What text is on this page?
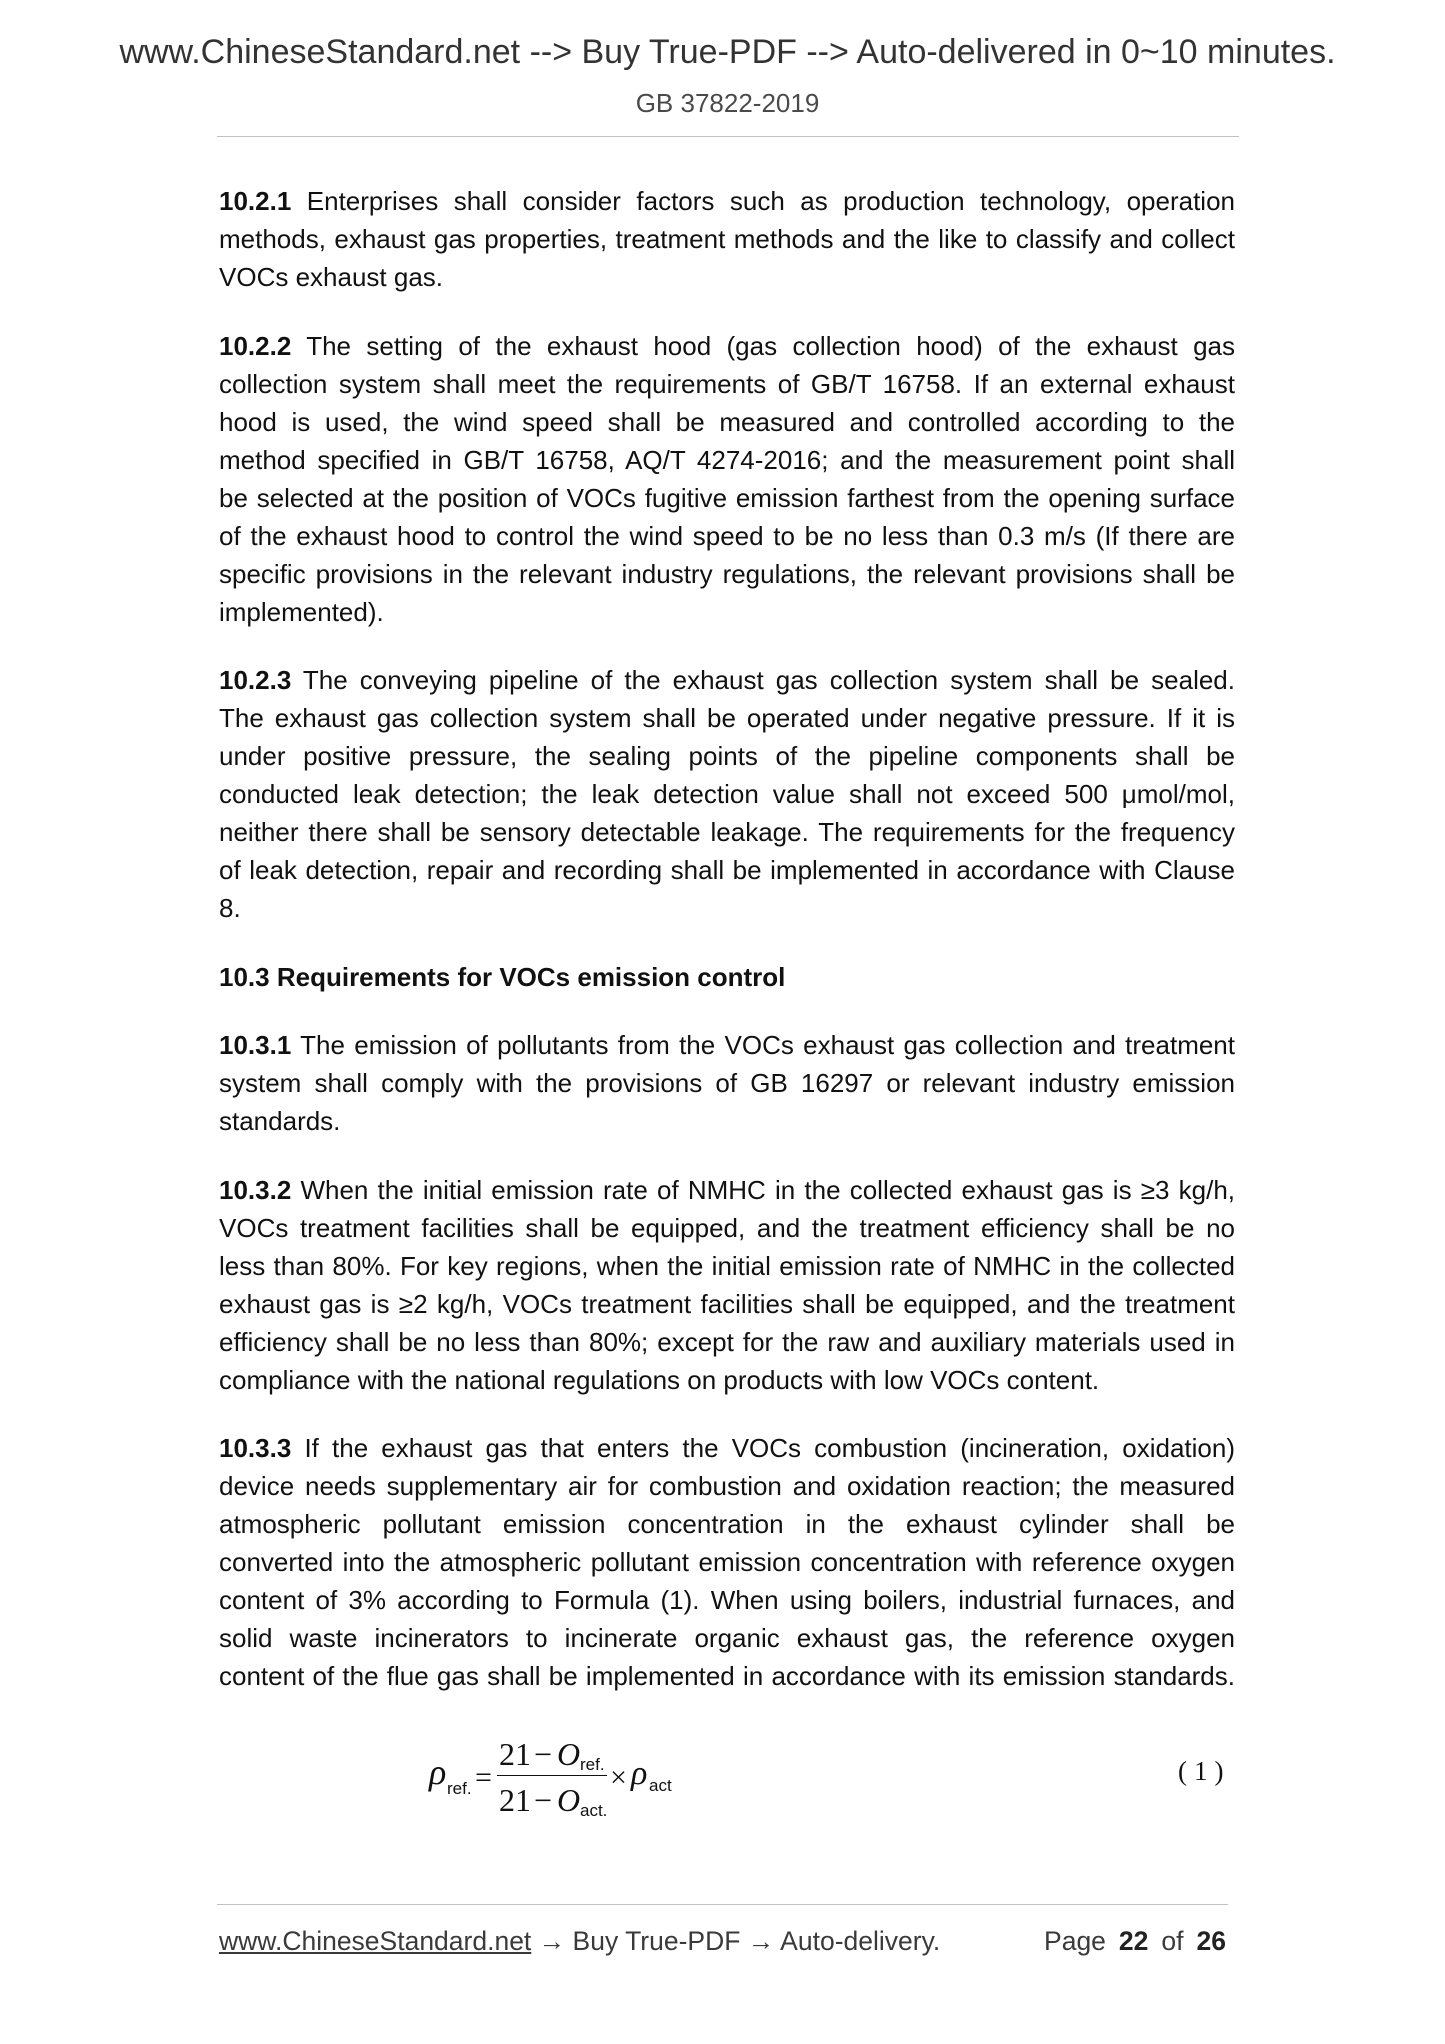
www.ChineseStandard.net --> Buy True-PDF --> Auto-delivered in 0~10 minutes.
GB 37822-2019
10.2.1 Enterprises shall consider factors such as production technology, operation
methods, exhaust gas properties, treatment methods and the like to classify and collect
VOCs exhaust gas.
10.2.2 The setting of the exhaust hood (gas collection hood) of the exhaust gas
collection system shall meet the requirements of GB/T 16758. If an external exhaust
hood is used, the wind speed shall be measured and controlled according to the
method specified in GB/T 16758, AQ/T 4274-2016; and the measurement point shall
be selected at the position of VOCs fugitive emission farthest from the opening surface
of the exhaust hood to control the wind speed to be no less than 0.3 m/s (If there are
specific provisions in the relevant industry regulations, the relevant provisions shall be
implemented).
10.2.3 The conveying pipeline of the exhaust gas collection system shall be sealed.
The exhaust gas collection system shall be operated under negative pressure. If it is
under positive pressure, the sealing points of the pipeline components shall be
conducted leak detection; the leak detection value shall not exceed 500 μmol/mol,
neither there shall be sensory detectable leakage. The requirements for the frequency
of leak detection, repair and recording shall be implemented in accordance with Clause
8.
10.3 Requirements for VOCs emission control
10.3.1 The emission of pollutants from the VOCs exhaust gas collection and treatment
system shall comply with the provisions of GB 16297 or relevant industry emission
standards.
10.3.2 When the initial emission rate of NMHC in the collected exhaust gas is ≥3 kg/h,
VOCs treatment facilities shall be equipped, and the treatment efficiency shall be no
less than 80%. For key regions, when the initial emission rate of NMHC in the collected
exhaust gas is ≥2 kg/h, VOCs treatment facilities shall be equipped, and the treatment
efficiency shall be no less than 80%; except for the raw and auxiliary materials used in
compliance with the national regulations on products with low VOCs content.
10.3.3 If the exhaust gas that enters the VOCs combustion (incineration, oxidation)
device needs supplementary air for combustion and oxidation reaction; the measured
atmospheric pollutant emission concentration in the exhaust cylinder shall be
converted into the atmospheric pollutant emission concentration with reference oxygen
content of 3% according to Formula (1). When using boilers, industrial furnaces, and
solid waste incinerators to incinerate organic exhaust gas, the reference oxygen
content of the flue gas shall be implemented in accordance with its emission standards.
ρ ref. =
21 − O ref.
21 − O act.
× ρ act	(1)
www.ChineseStandard.net → Buy True-PDF → Auto-delivery.	Page 22 of 26
